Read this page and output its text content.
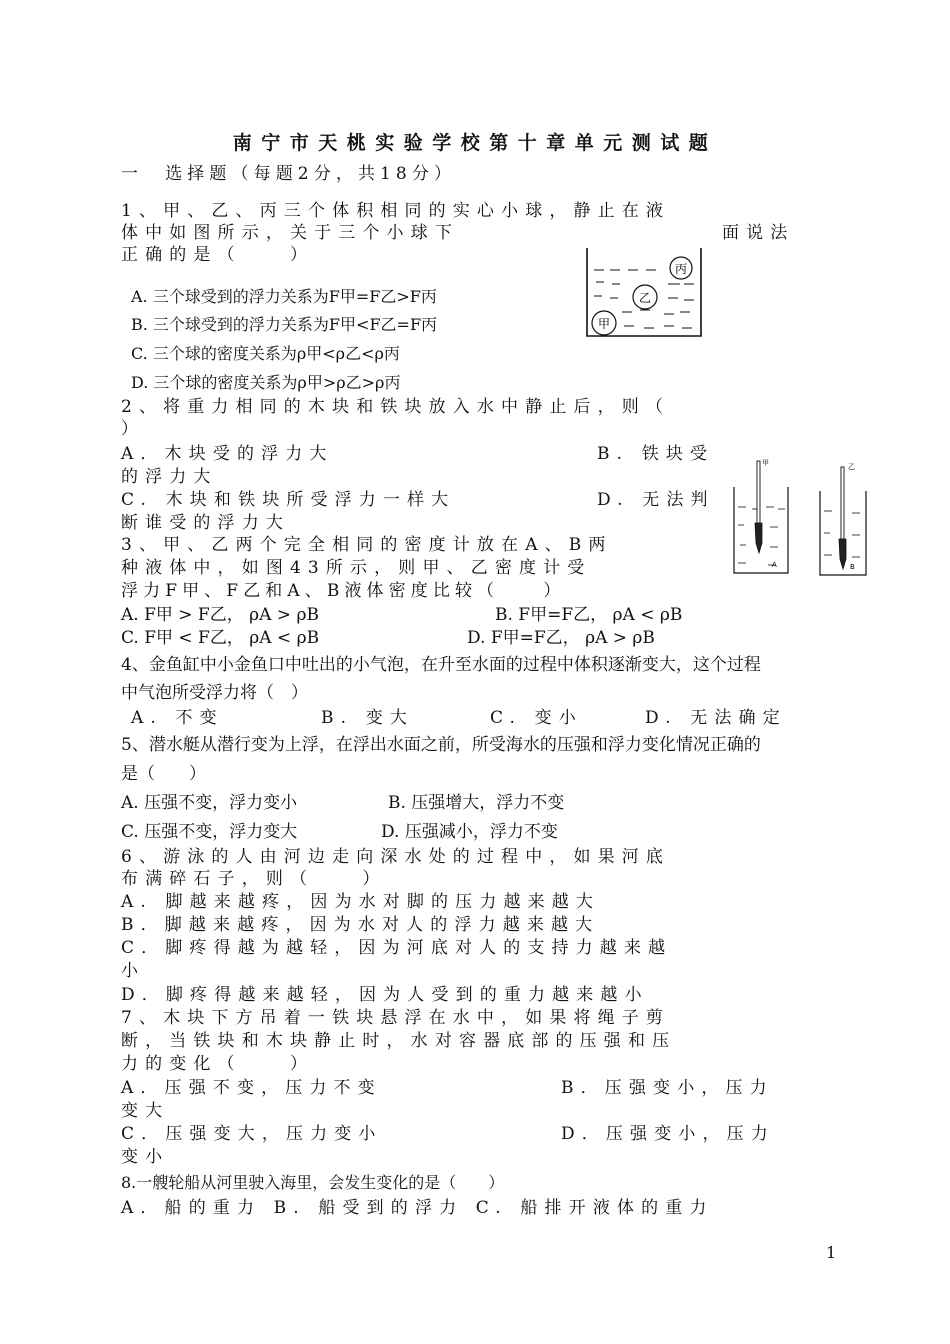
南宁市天桃实验学校第十章单元测试题
一　选择题（每题2分，共18分）
1、甲、乙、丙三个体积相同的实心小球，静止在液
体中如图所示，关于三个小球下	面说法
正确的是（　　）
A. 三个球受到的浮力关系为F甲=F乙>F丙
B. 三个球受到的浮力关系为F甲<F乙=F丙
C. 三个球的密度关系为ρ甲<ρ乙<ρ丙
D. 三个球的密度关系为ρ甲>ρ乙>ρ丙
丙
乙
甲
2、将重力相同的木块和铁块放入水中静止后，则（
）
A．木块受的浮力大	B. 铁块受
的浮力大
C. 木块和铁块所受浮力一样大	D. 无法判
断谁受的浮力大
甲
A
乙
B
3、甲、乙两个完全相同的密度计放在A、B两
种液体中，如图43所示，则甲、乙密度计受
浮力F甲、F乙和A、B液体密度比较（　　）
A. F甲 > F乙， ρA > ρB	B. F甲=F乙， ρA < ρB
C. F甲 < F乙， ρA < ρB	D. F甲=F乙， ρA > ρB
4、金鱼缸中小金鱼口中吐出的小气泡，在升至水面的过程中体积逐渐变大，这个过程
中气泡所受浮力将（　）
A. 不变	B. 变大	C. 变小	D. 无法确定
5、潜水艇从潜行变为上浮，在浮出水面之前，所受海水的压强和浮力变化情况正确的
是（　　）
A. 压强不变，浮力变小	B. 压强增大，浮力不变
C. 压强不变，浮力变大	D. 压强减小，浮力不变
6、游泳的人由河边走向深水处的过程中，如果河底
布满碎石子，则（　　）
A. 脚越来越疼，因为水对脚的压力越来越大
B．脚越来越疼，因为水对人的浮力越来越大
C．脚疼得越为越轻，因为河底对人的支持力越来越
小
D．脚疼得越来越轻，因为人受到的重力越来越小
7、木块下方吊着一铁块悬浮在水中，如果将绳子剪
断，当铁块和木块静止时，水对容器底部的压强和压
力的变化（　　）
A．压强不变，压力不变	B．压强变小，压力
变大
C．压强变大，压力变小	D．压强变小，压力
变小
8.一艘轮船从河里驶入海里，会发生变化的是（　　）
A．船的重力 B. 船受到的浮力 C. 船排开液体的重力
1
